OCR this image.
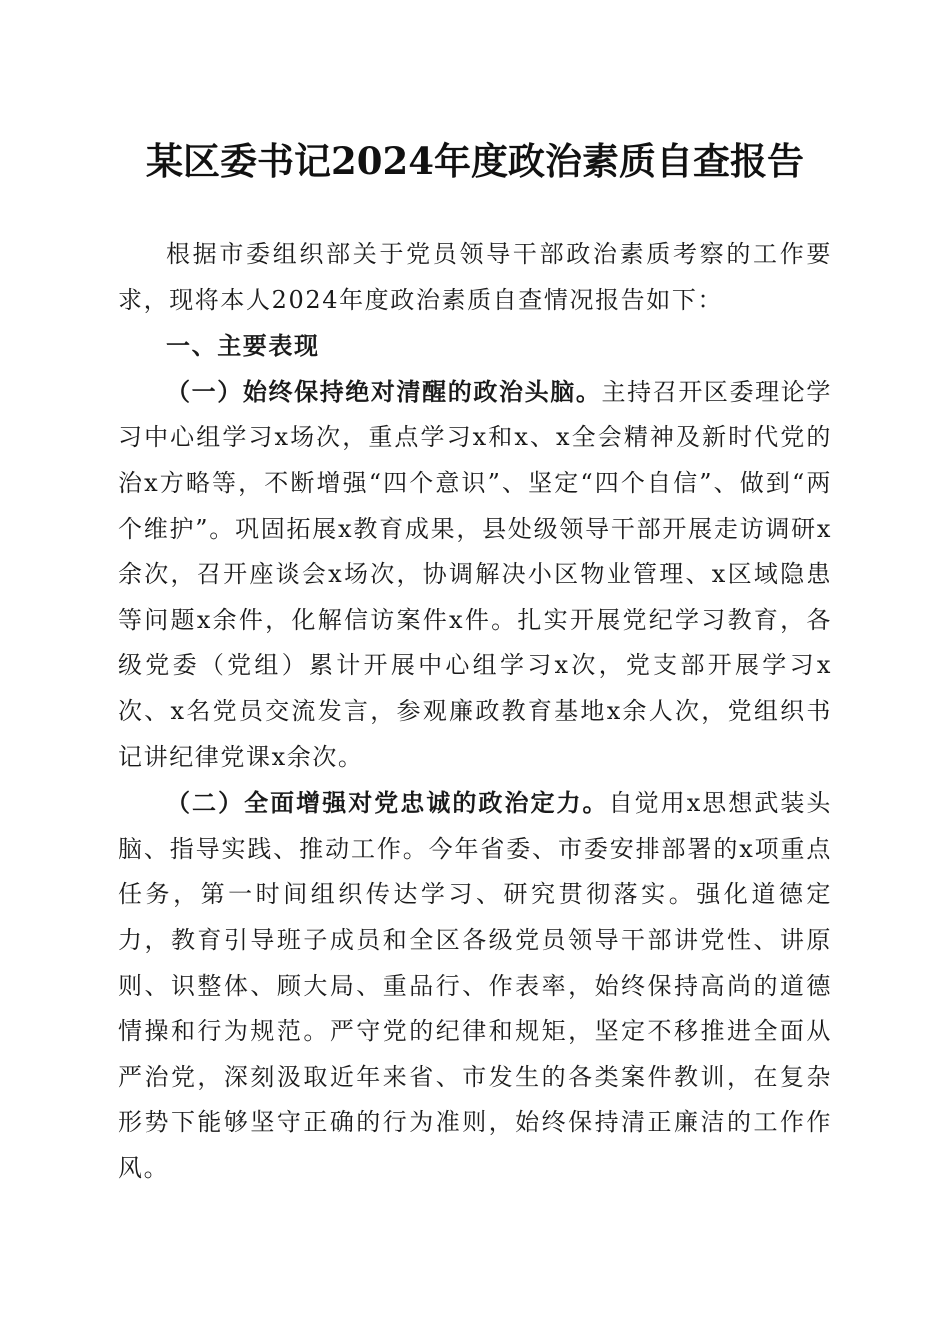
某区委书记2024年度政治素质自查报告

根据市委组织部关于党员领导干部政治素质考察的工作要求，现将本人2024年度政治素质自查情况报告如下：

一、主要表现

（一）始终保持绝对清醒的政治头脑。主持召开区委理论学习中心组学习x场次，重点学习x和x、x全会精神及新时代党的治x方略等，不断增强“四个意识”、坚定“四个自信”、做到“两个维护”。巩固拓展x教育成果，县处级领导干部开展走访调研x余次，召开座谈会x场次，协调解决小区物业管理、x区域隐患等问题x余件，化解信访案件x件。扎实开展党纪学习教育，各级党委（党组）累计开展中心组学习x次，党支部开展学习x次、x名党员交流发言，参观廉政教育基地x余人次，党组织书记讲纪律党课x余次。

（二）全面增强对党忠诚的政治定力。自觉用x思想武装头脑、指导实践、推动工作。今年省委、市委安排部署的x项重点任务，第一时间组织传达学习、研究贯彻落实。强化道德定力，教育引导班子成员和全区各级党员领导干部讲党性、讲原则、识整体、顾大局、重品行、作表率，始终保持高尚的道德情操和行为规范。严守党的纪律和规矩，坚定不移推进全面从严治党，深刻汲取近年来省、市发生的各类案件教训，在复杂形势下能够坚守正确的行为准则，始终保持清正廉洁的工作作风。
